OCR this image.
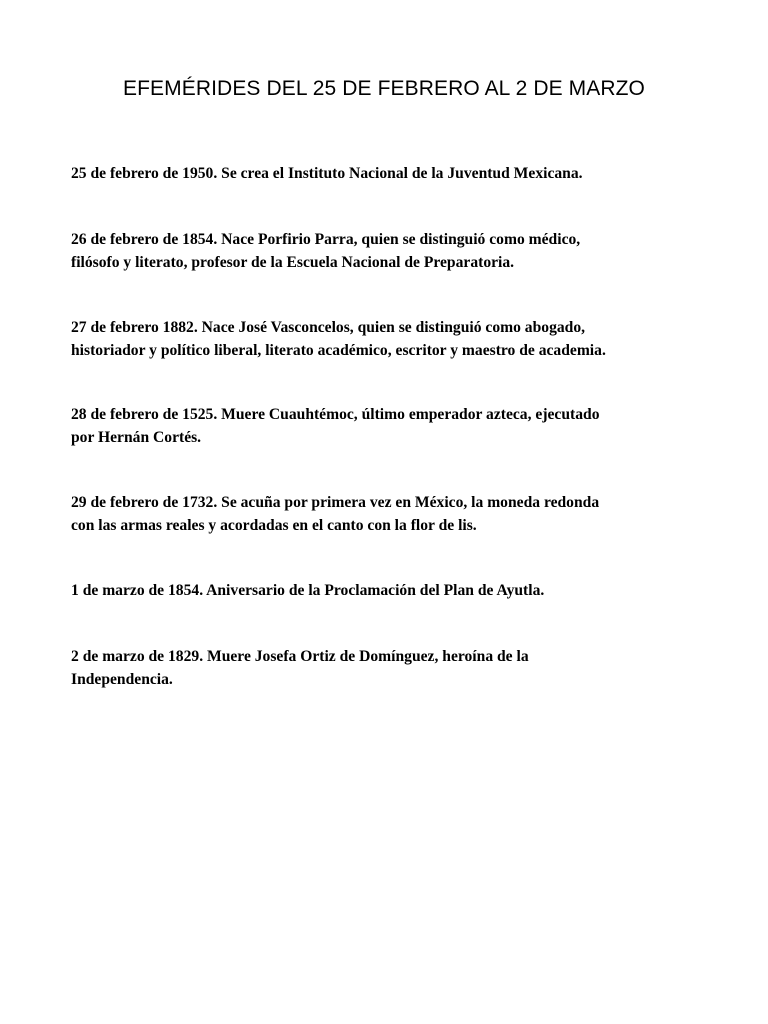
EFEMÉRIDES DEL 25 DE FEBRERO AL 2 DE MARZO

25 de febrero de 1950. Se crea el Instituto Nacional de la Juventud Mexicana.

26 de febrero de 1854. Nace Porfirio Parra, quien se distinguió como médico,
filósofo y literato, profesor de la Escuela Nacional de Preparatoria.

27 de febrero 1882. Nace José Vasconcelos, quien se distinguió como abogado,
historiador y político liberal, literato académico, escritor y maestro de academia.

28 de febrero de 1525. Muere Cuauhtémoc, último emperador azteca, ejecutado
por Hernán Cortés.

29 de febrero de 1732. Se acuña por primera vez en México, la moneda redonda
con las armas reales y acordadas en el canto con la flor de lis.

1 de marzo de 1854. Aniversario de la Proclamación del Plan de Ayutla.

2 de marzo de 1829. Muere Josefa Ortiz de Domínguez, heroína de la
Independencia.
